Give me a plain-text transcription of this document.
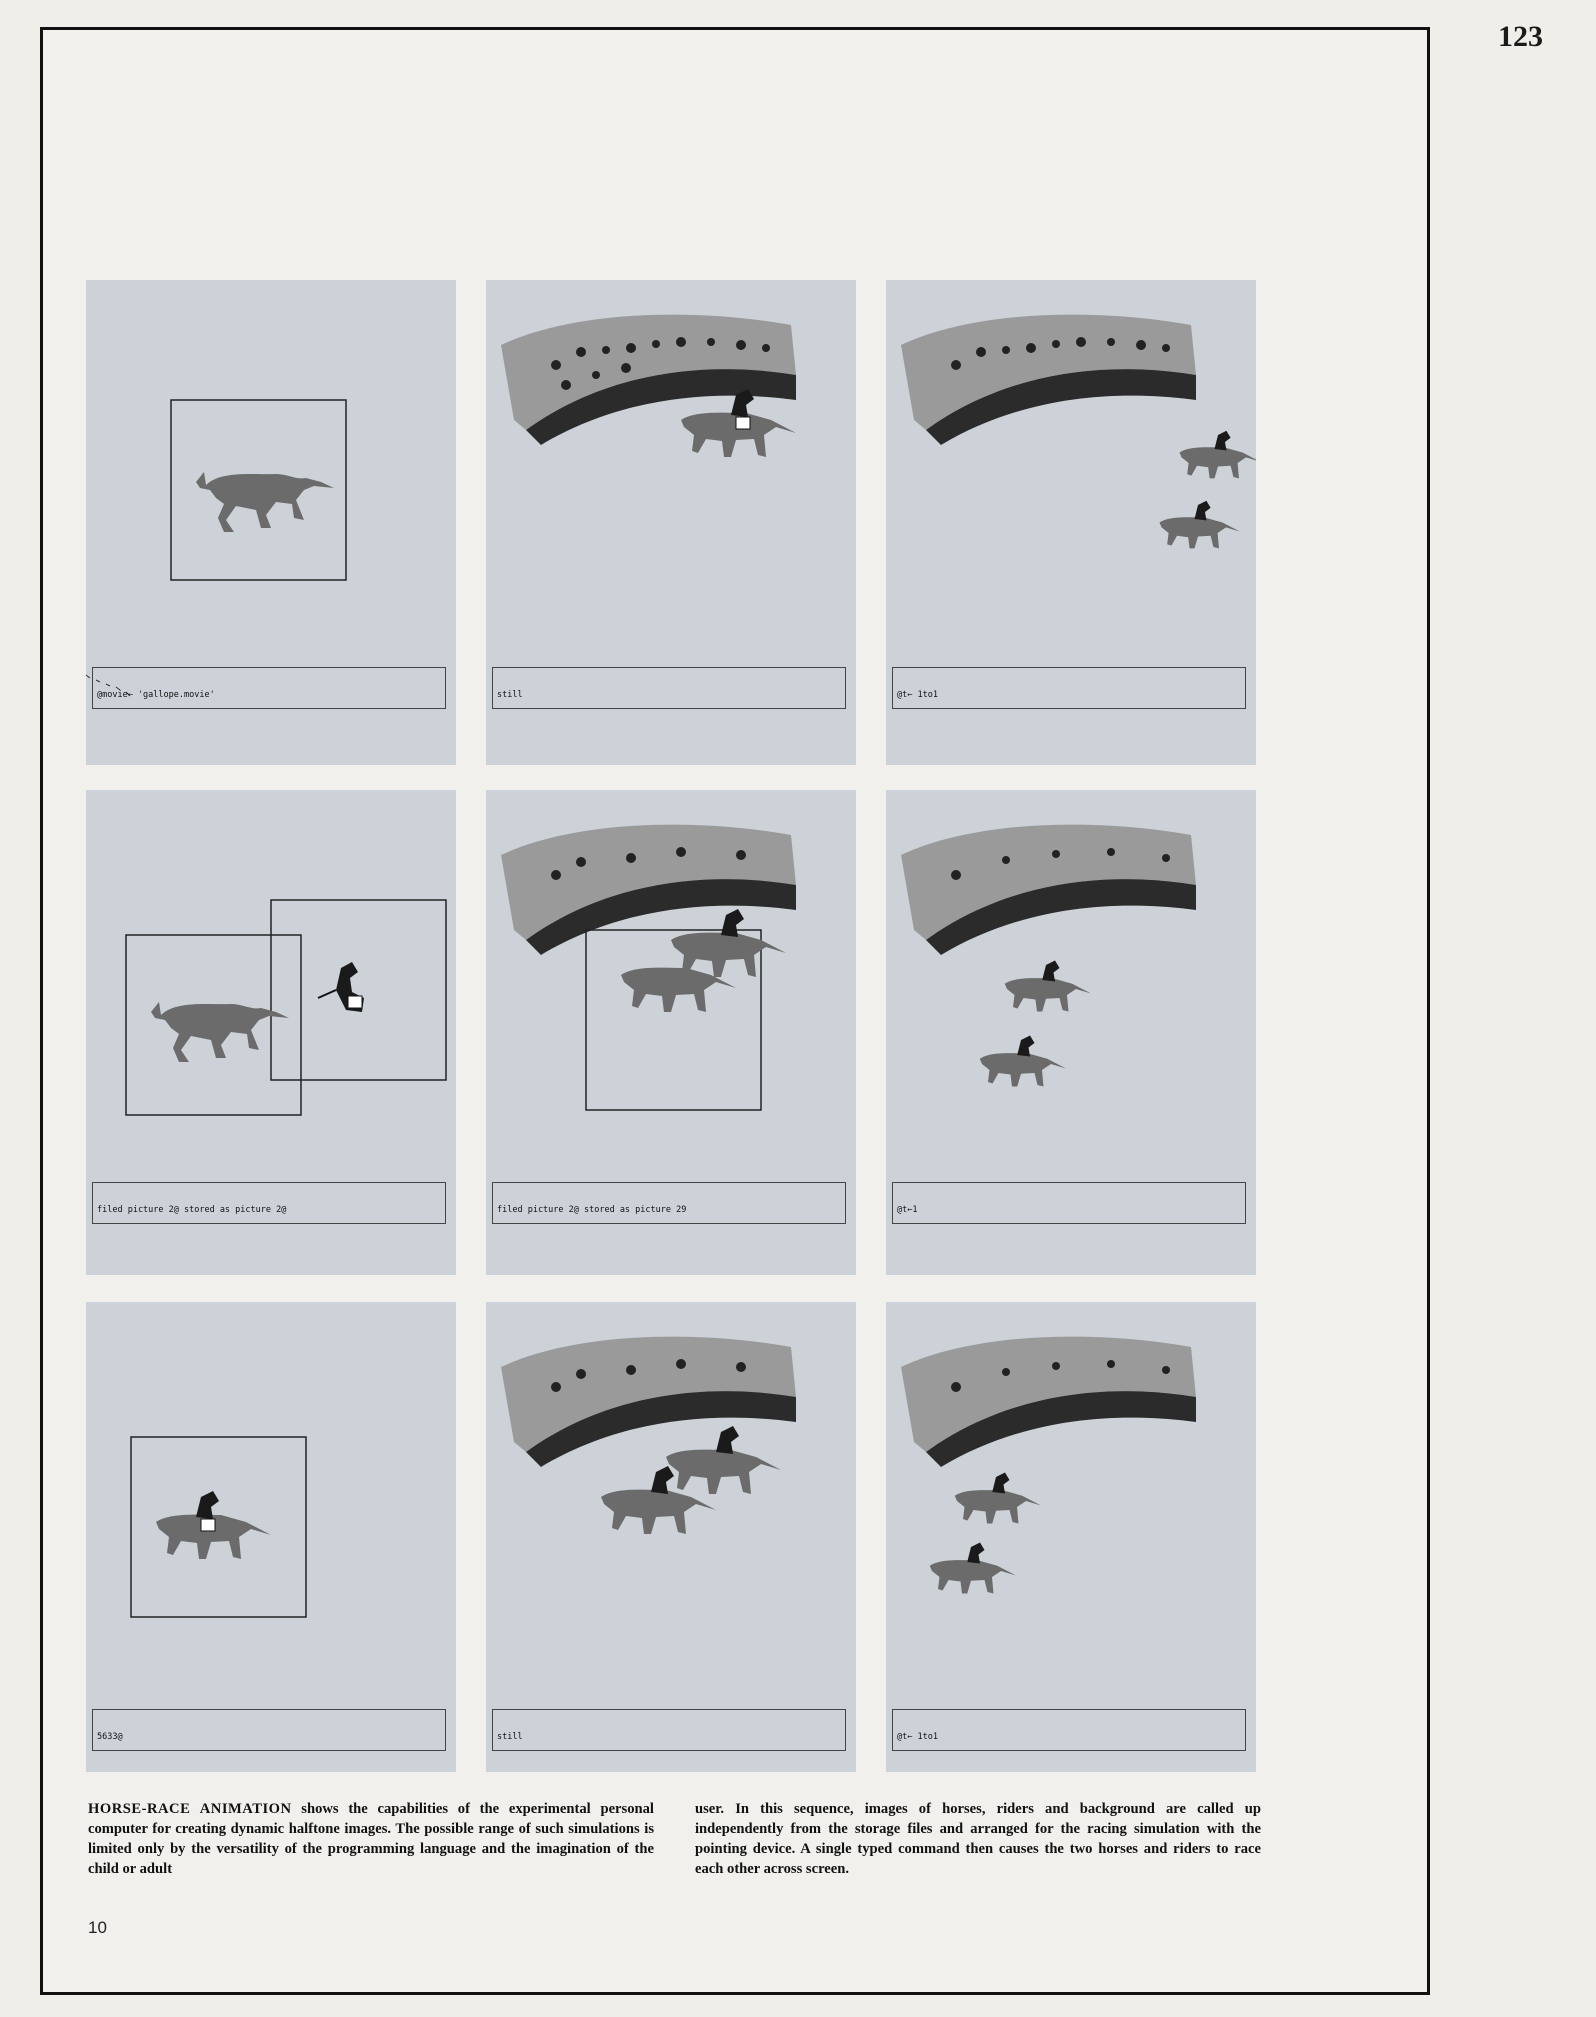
123

@movie← 'gallope.movie'

	still

	@t← 1to1

filed picture 2@ stored as picture 2@

	filed picture 2@ stored as picture 29

	@t←1

5633@

	still

	@t← 1to1

HORSE-RACE ANIMATION shows the capabilities of the experimental personal computer for creating dynamic halftone images. The possible range of such simulations is limited only by the versatility of the programming language and the imagination of the child or adult
user. In this sequence, images of horses, riders and background are called up independently from the storage files and arranged for the racing simulation with the pointing device. A single typed command then causes the two horses and riders to race each other across screen.
10
